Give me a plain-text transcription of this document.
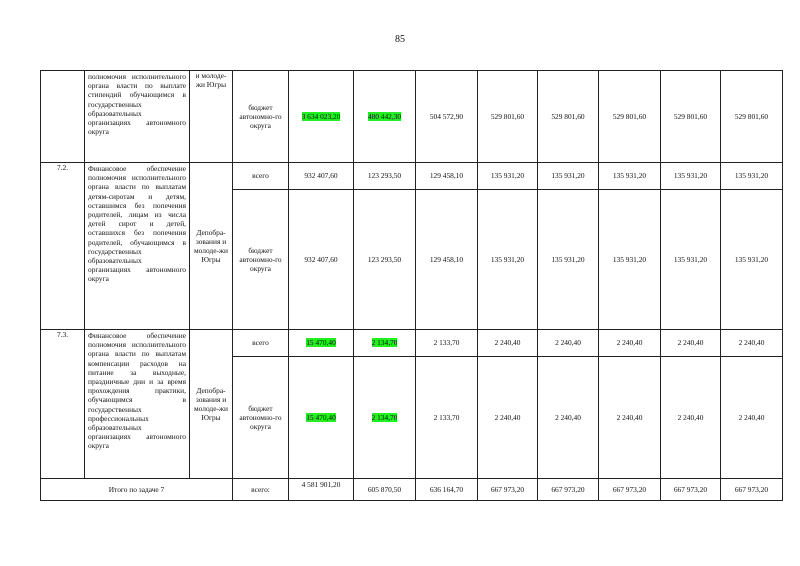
85
	полномочия исполнительного органа власти по выплате стипендий обучающимся в государственных образовательных организациях автономного округа	и молоде-жи Югры	бюджет автономно-го округа	3 634 023,20	480 442,30	504 572,90	529 801,60	529 801,60	529 801,60	529 801,60	529 801,60
7.2.	Финансовое обеспечение полномочия исполнительного органа власти по выплатам детям-сиротам и детям, оставшимся без попечения родителей, лицам из числа детей сирот и детей, оставшихся без попечения родителей, обучающимся в государственных образовательных организациях автономного округа	Депобра-зования и молоде-жи Югры	всего	932 407,60	123 293,50	129 458,10	135 931,20	135 931,20	135 931,20	135 931,20	135 931,20
			бюджет автономно-го округа	932 407,60	123 293,50	129 458,10	135 931,20	135 931,20	135 931,20	135 931,20	135 931,20
7.3.	Финансовое обеспечение полномочия исполнительного органа власти по выплатам компенсации расходов на питание за выходные, праздничные дни и за время прохождения практики, обучающимся в государственных профессиональных образовательных организациях автономного округа	Депобра-зования и молоде-жи Югры	всего	15 470,40	2 134,70	2 133,70	2 240,40	2 240,40	2 240,40	2 240,40	2 240,40
			бюджет автономно-го округа	15 470,40	2 134,70	2 133,70	2 240,40	2 240,40	2 240,40	2 240,40	2 240,40
Итого по задаче 7			всего:	4 581 901,20	605 870,50	636 164,70	667 973,20	667 973,20	667 973,20	667 973,20	667 973,20
